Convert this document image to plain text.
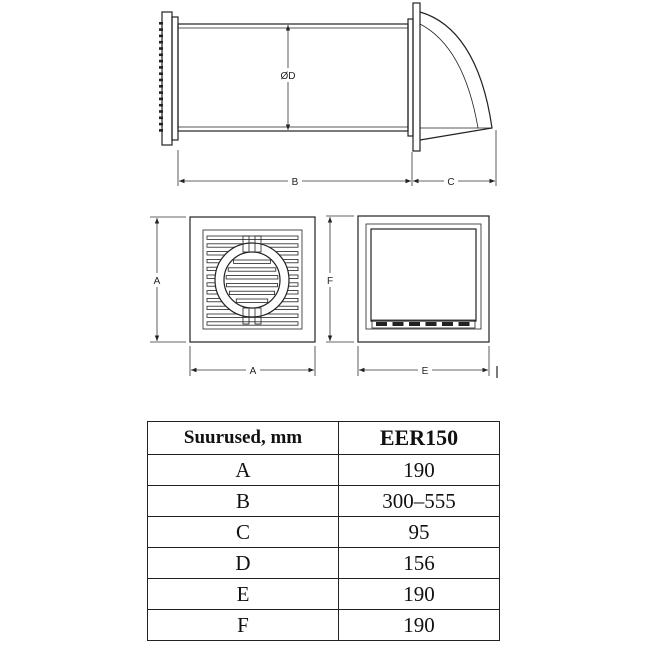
ØD
B	C
A
A
F
E
Suurused, mm	EER150
A	190
B	300–555
C	95
D	156
E	190
F	190
